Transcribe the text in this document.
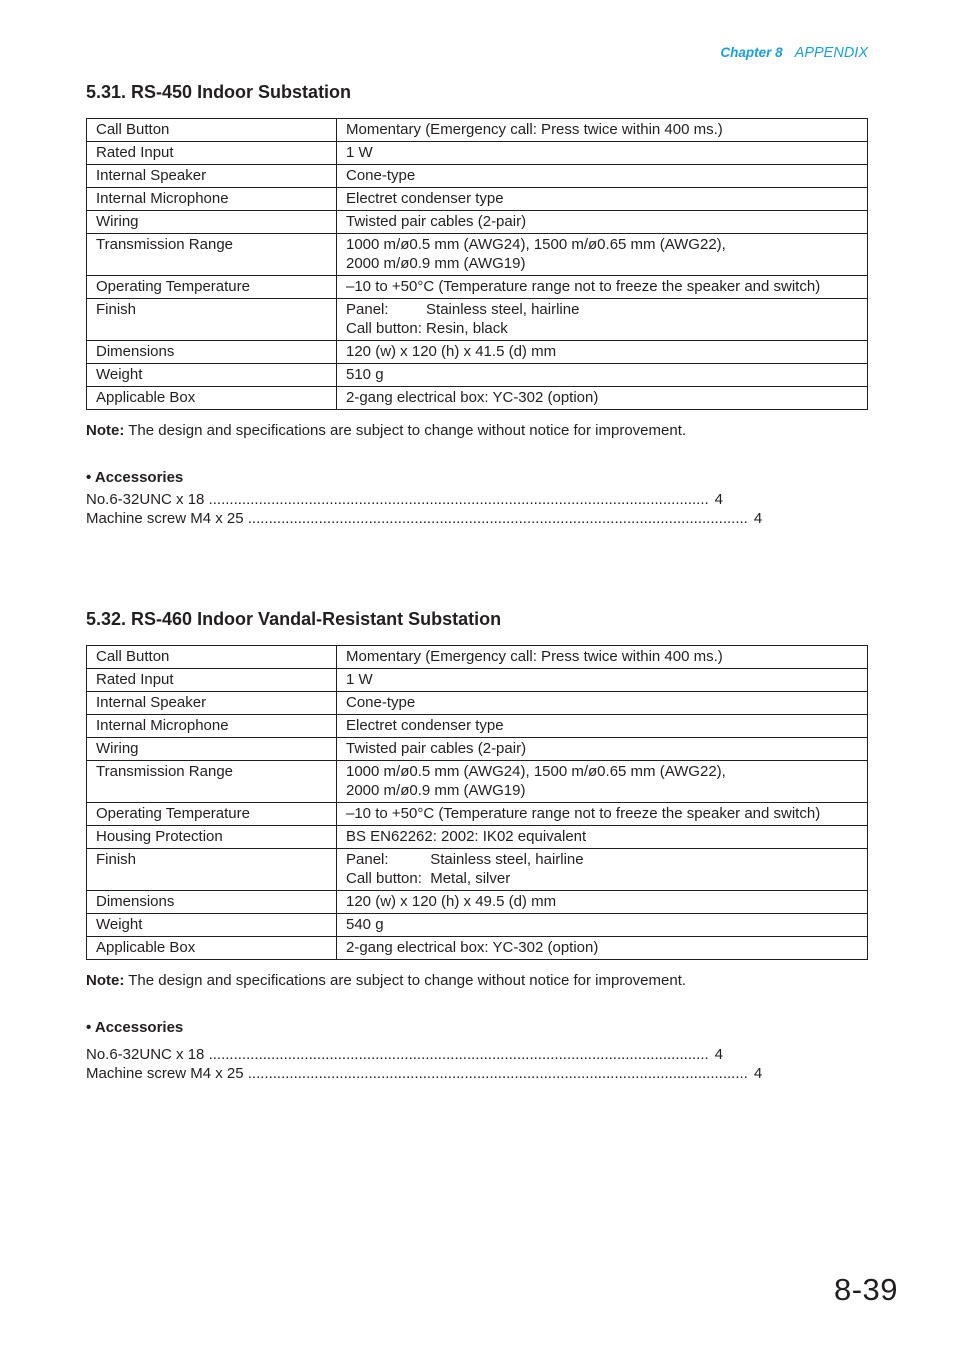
Chapter 8 APPENDIX
5.31. RS-450 Indoor Substation
Call Button	Momentary (Emergency call: Press twice within 400 ms.)

Rated Input	1 W

Internal Speaker	Cone-type

Internal Microphone	Electret condenser type

Wiring	Twisted pair cables (2-pair)

Transmission Range	1000 m/ø0.5 mm (AWG24), 1500 m/ø0.65 mm (AWG22),
2000 m/ø0.9 mm (AWG19)

Operating Temperature	–10 to +50°C (Temperature range not to freeze the speaker and switch)

Finish	Panel:         Stainless steel, hairline
Call button: Resin, black

Dimensions	120 (w) x 120 (h) x 41.5 (d) mm

Weight	510 g

Applicable Box	2-gang electrical box: YC-302 (option)

Note: The design and specifications are subject to change without notice for improvement.

• Accessories
No.6-32UNC x 18 ........................................................................................................................ 4
Machine screw M4 x 25 ........................................................................................................................ 4
5.32. RS-460 Indoor Vandal-Resistant Substation
Call Button	Momentary (Emergency call: Press twice within 400 ms.)

Rated Input	1 W

Internal Speaker	Cone-type

Internal Microphone	Electret condenser type

Wiring	Twisted pair cables (2-pair)

Transmission Range	1000 m/ø0.5 mm (AWG24), 1500 m/ø0.65 mm (AWG22),
2000 m/ø0.9 mm (AWG19)

Operating Temperature	–10 to +50°C (Temperature range not to freeze the speaker and switch)

Housing Protection	BS EN62262: 2002: IK02 equivalent

Finish	Panel:          Stainless steel, hairline
Call button:  Metal, silver

Dimensions	120 (w) x 120 (h) x 49.5 (d) mm

Weight	540 g

Applicable Box	2-gang electrical box: YC-302 (option)

Note: The design and specifications are subject to change without notice for improvement.

• Accessories
No.6-32UNC x 18 ........................................................................................................................ 4
Machine screw M4 x 25 ........................................................................................................................ 4
8-39
